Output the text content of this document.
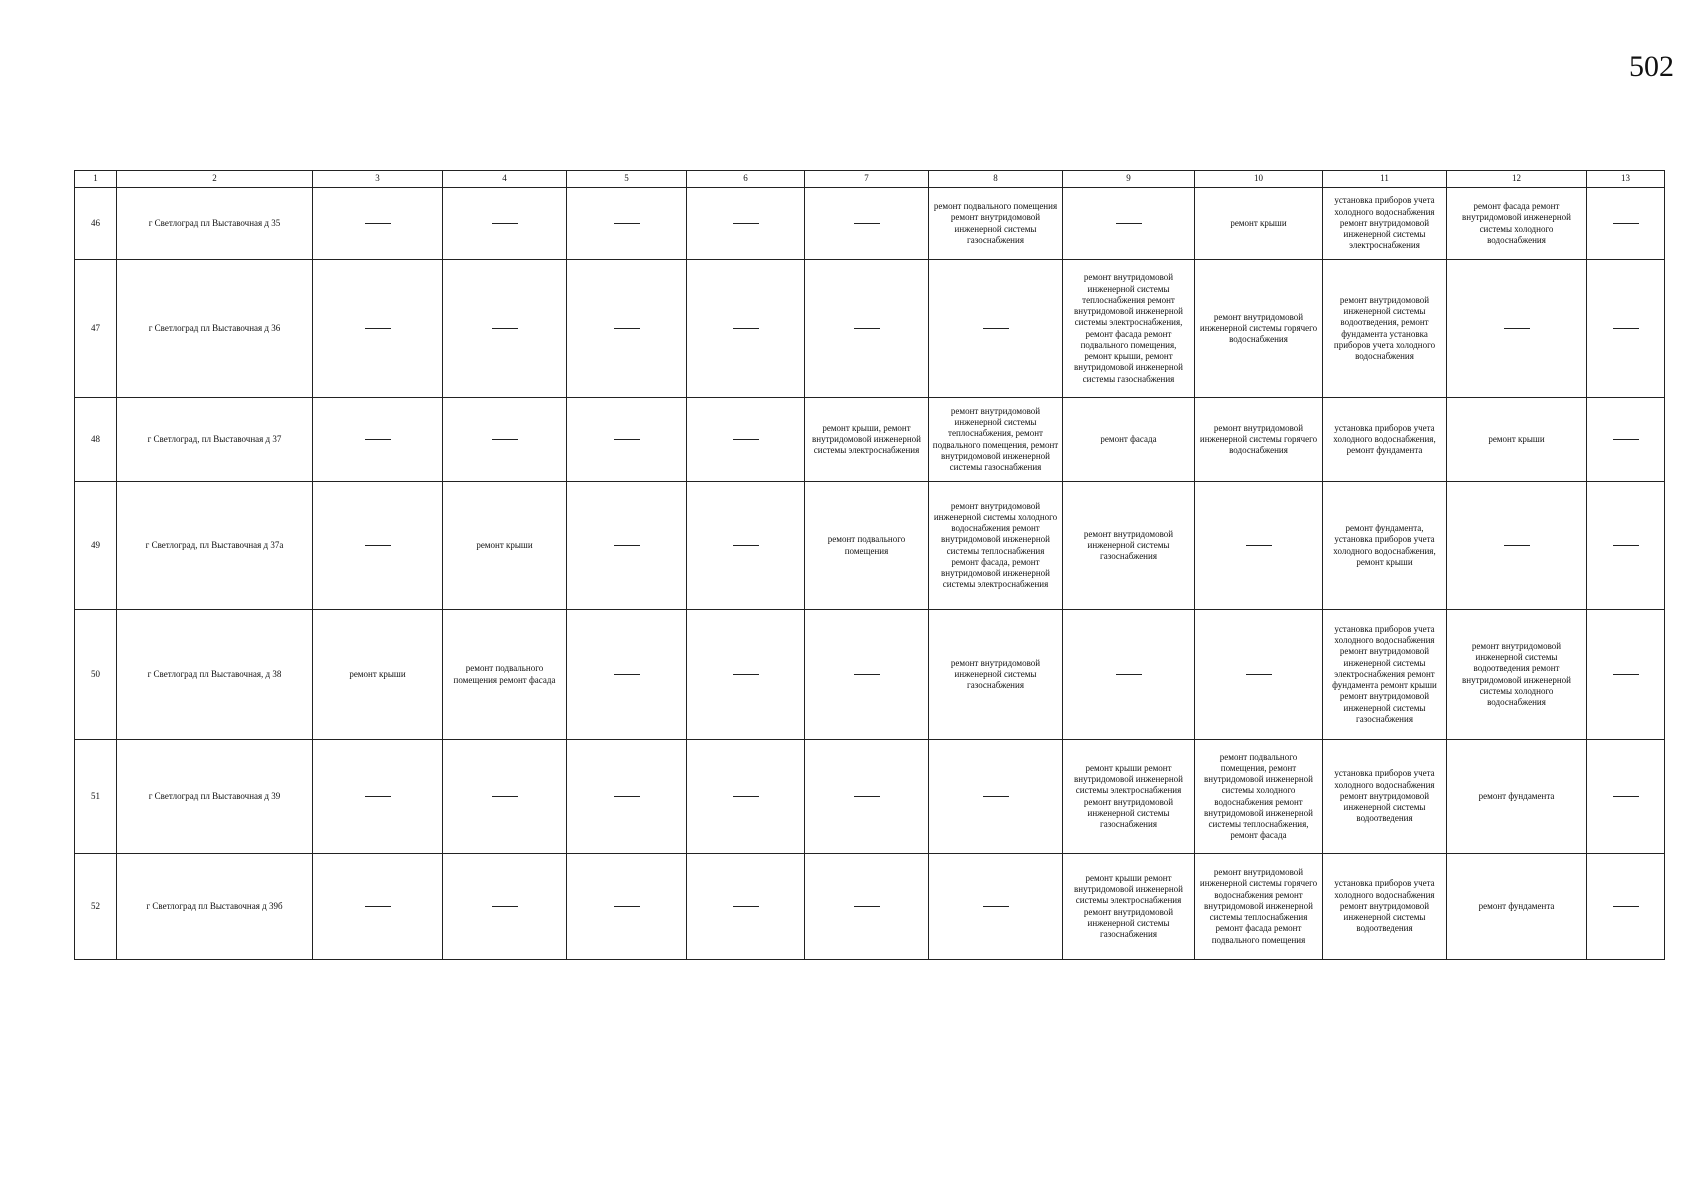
502
1	2	3	4	5	6	7	8	9	10	11	12	13
46	г Светлоград пл Выставочная д 35						ремонт подвального помещения ремонт внутридомовой инженерной системы газоснабжения		ремонт крыши	установка приборов учета холодного водоснабжения ремонт внутридомовой инженерной системы электроснабжения	ремонт фасада ремонт внутридомовой инженерной системы холодного водоснабжения	
47	г Светлоград пл Выставочная д 36							ремонт внутридомовой инженерной системы теплоснабжения ремонт внутридомовой инженерной системы электроснабжения, ремонт фасада ремонт подвального помещения, ремонт крыши, ремонт внутридомовой инженерной системы газоснабжения	ремонт внутридомовой инженерной системы горячего водоснабжения	ремонт внутридомовой инженерной системы водоотведения, ремонт фундамента установка приборов учета холодного водоснабжения		
48	г Светлоград, пл Выставочная д 37					ремонт крыши, ремонт внутридомовой инженерной системы электроснабжения	ремонт внутридомовой инженерной системы теплоснабжения, ремонт подвального помещения, ремонт внутридомовой инженерной системы газоснабжения	ремонт фасада	ремонт внутридомовой инженерной системы горячего водоснабжения	установка приборов учета холодного водоснабжения, ремонт фундамента	ремонт крыши	
49	г Светлоград, пл Выставочная д 37а		ремонт крыши			ремонт подвального помещения	ремонт внутридомовой инженерной системы холодного водоснабжения ремонт внутридомовой инженерной системы теплоснабжения ремонт фасада, ремонт внутридомовой инженерной системы электроснабжения	ремонт внутридомовой инженерной системы газоснабжения		ремонт фундамента, установка приборов учета холодного водоснабжения, ремонт крыши		
50	г Светлоград пл Выставочная, д 38	ремонт крыши	ремонт подвального помещения ремонт фасада				ремонт внутридомовой инженерной системы газоснабжения			установка приборов учета холодного водоснабжения ремонт внутридомовой инженерной системы электроснабжения ремонт фундамента ремонт крыши ремонт внутридомовой инженерной системы газоснабжения	ремонт внутридомовой инженерной системы водоотведения ремонт внутридомовой инженерной системы холодного водоснабжения	
51	г Светлоград пл Выставочная д 39							ремонт крыши ремонт внутридомовой инженерной системы электроснабжения ремонт внутридомовой инженерной системы газоснабжения	ремонт подвального помещения, ремонт внутридомовой инженерной системы холодного водоснабжения ремонт внутридомовой инженерной системы теплоснабжения, ремонт фасада	установка приборов учета холодного водоснабжения ремонт внутридомовой инженерной системы водоотведения	ремонт фундамента	
52	г Светлоград пл Выставочная д 39б							ремонт крыши ремонт внутридомовой инженерной системы электроснабжения ремонт внутридомовой инженерной системы газоснабжения	ремонт внутридомовой инженерной системы горячего водоснабжения ремонт внутридомовой инженерной системы теплоснабжения ремонт фасада ремонт подвального помещения	установка приборов учета холодного водоснабжения ремонт внутридомовой инженерной системы водоотведения	ремонт фундамента	
